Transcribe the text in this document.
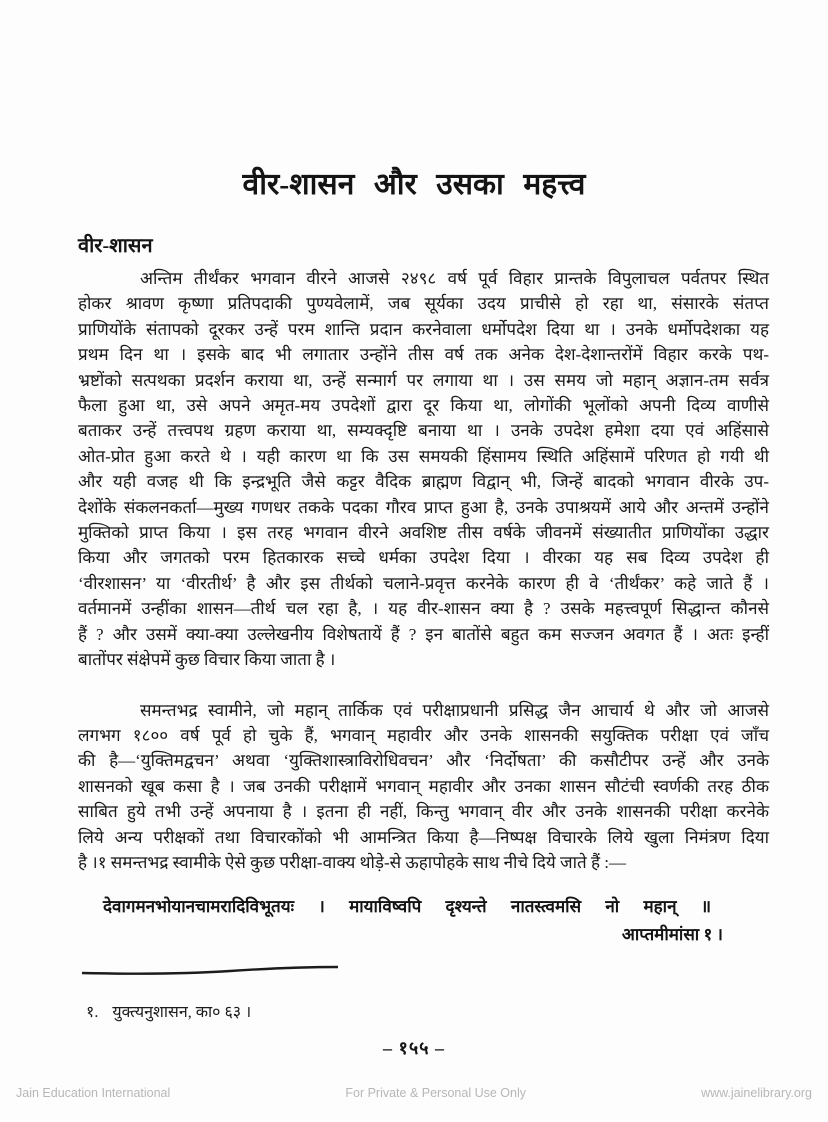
वीर-शासन और उसका महत्त्व
वीर-शासन
अन्तिम तीर्थंकर भगवान वीरने आजसे २४९८ वर्ष पूर्व विहार प्रान्तके विपुलाचल पर्वतपर स्थित
होकर श्रावण कृष्णा प्रतिपदाकी पुण्यवेलामें, जब सूर्यका उदय प्राचीसे हो रहा था, संसारके संतप्त
प्राणियोंके संतापको दूरकर उन्हें परम शान्ति प्रदान करनेवाला धर्मोपदेश दिया था । उनके धर्मोपदेशका यह
प्रथम दिन था । इसके बाद भी लगातार उन्होंने तीस वर्ष तक अनेक देश-देशान्तरोंमें विहार करके पथ-
भ्रष्टोंको सत्पथका प्रदर्शन कराया था, उन्हें सन्मार्ग पर लगाया था । उस समय जो महान् अज्ञान-तम सर्वत्र
फैला हुआ था, उसे अपने अमृत-मय उपदेशों द्वारा दूर किया था, लोगोंकी भूलोंको अपनी दिव्य वाणीसे
बताकर उन्हें तत्त्वपथ ग्रहण कराया था, सम्यक्दृष्टि बनाया था । उनके उपदेश हमेशा दया एवं अहिंसासे
ओत-प्रोत हुआ करते थे । यही कारण था कि उस समयकी हिंसामय स्थिति अहिंसामें परिणत हो गयी थी
और यही वजह थी कि इन्द्रभूति जैसे कट्टर वैदिक ब्राह्मण विद्वान् भी, जिन्हें बादको भगवान वीरके उप-
देशोंके संकलनकर्ता—मुख्य गणधर तकके पदका गौरव प्राप्त हुआ है, उनके उपाश्रयमें आये और अन्तमें उन्होंने
मुक्तिको प्राप्त किया । इस तरह भगवान वीरने अवशिष्ट तीस वर्षके जीवनमें संख्यातीत प्राणियोंका उद्धार
किया और जगतको परम हितकारक सच्चे धर्मका उपदेश दिया । वीरका यह सब दिव्य उपदेश ही
‘वीरशासन’ या ‘वीरतीर्थ’ है और इस तीर्थको चलाने-प्रवृत्त करनेके कारण ही वे ‘तीर्थंकर’ कहे जाते हैं ।
वर्तमानमें उन्हींका शासन—तीर्थ चल रहा है, । यह वीर-शासन क्या है ? उसके महत्त्वपूर्ण सिद्धान्त कौनसे
हैं ? और उसमें क्या-क्या उल्लेखनीय विशेषतायें हैं ? इन बातोंसे बहुत कम सज्जन अवगत हैं । अतः इन्हीं
बातोंपर संक्षेपमें कुछ विचार किया जाता है ।
समन्तभद्र स्वामीने, जो महान् तार्किक एवं परीक्षाप्रधानी प्रसिद्ध जैन आचार्य थे और जो आजसे
लगभग १८०० वर्ष पूर्व हो चुके हैं, भगवान् महावीर और उनके शासनकी सयुक्तिक परीक्षा एवं जाँच
की है—‘युक्तिमद्वचन’ अथवा ‘युक्तिशास्त्राविरोधिवचन’ और ‘निर्दोषता’ की कसौटीपर उन्हें और उनके
शासनको खूब कसा है । जब उनकी परीक्षामें भगवान् महावीर और उनका शासन सौटंची स्वर्णकी तरह ठीक
साबित हुये तभी उन्हें अपनाया है । इतना ही नहीं, किन्तु भगवान् वीर और उनके शासनकी परीक्षा करनेके
लिये अन्य परीक्षकों तथा विचारकोंको भी आमन्त्रित किया है—निष्पक्ष विचारके लिये खुला निमंत्रण दिया
है ।१ समन्तभद्र स्वामीके ऐसे कुछ परीक्षा-वाक्य थोड़े-से ऊहापोहके साथ नीचे दिये जाते हैं :—
देवागमनभोयानचामरादिविभूतयः । मायाविष्वपि दृश्यन्ते नातस्त्वमसि नो महान् ॥
आप्तमीमांसा १ ।
१. युक्त्यनुशासन, का० ६३ ।
– १५५ –
Jain Education International	For Private & Personal Use Only	www.jainelibrary.org
